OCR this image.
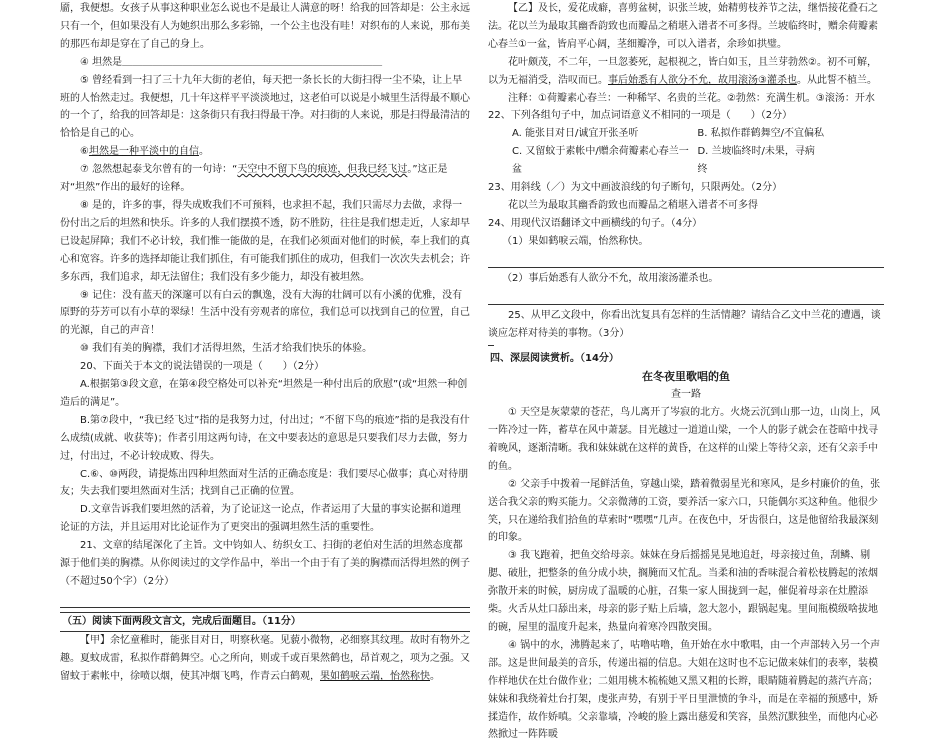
靥，我便想。女孩子从事这种职业怎么说也不是最让人满意的呀！给我的回答却是：公主永远只有一个，但如果没有人为她织出那么多彩锦，一个公主也没有哇！对织布的人来说，那布美的那匹布却是穿在了自己的身上。

④ 坦然是＿＿＿＿＿＿＿＿＿＿＿＿＿＿＿＿＿＿＿＿＿＿＿＿＿＿

⑤ 曾经看到一扫了三十九年大街的老伯，每天把一条长长的大街扫得一尘不染，让上早班的人怡然走过。我便想，几十年这样平平淡淡地过，这老伯可以说是小城里生活得最不顺心的一个了，给我的回答却是：这条街只有我扫得最干净。对扫街的人来说，那是扫得最清洁的恰恰是自己的心。

⑥坦然是一种平淡中的自信。

⑦ 忽然想起泰戈尔曾有的一句诗：“天空中不留下鸟的痕迹，但我已经飞过。”这正是对“坦然”作出的最好的诠释。

⑧ 是的，许多的事，得失成败我们不可预料，也求担不起，我们只需尽力去做，求得一份付出之后的坦然和快乐。许多的人我们摆摸不透，防不胜防，往往是我们想走近，人家却早已设起屏障；我们不必计较，我们惟一能做的是，在我们必须面对他们的时候，奉上我们的真心和宽容。许多的选择却能让我们抓住，有可能我们抓住的成功，但我们一次次失去机会；许多东西，我们追求，却无法留住；我们没有多少能力，却没有被坦然。

⑨ 记住：没有蓝天的深邃可以有白云的飘逸，没有大海的壮阔可以有小溪的优雅，没有原野的芬芳可以有小草的翠绿！生活中没有旁观者的席位，我们总可以找到自己的位置，自己的光源，自己的声音！

⑩ 我们有美的胸襟，我们才活得坦然，生活才给我们快乐的体验。

20、下面关于本文的说法错误的一项是（　　）（2分）

A.根据第③段文意，在第④段空格处可以补充“坦然是一种付出后的欣慰”(或“坦然一种创造后的满足”。

B.第⑦段中，“我已经飞过”指的是我努力过，付出过；“不留下鸟的痕迹”指的是我没有什么成绩(成就、收获等)；作者引用这两句诗，在文中要表达的意思是只要我们尽力去做，努力过，付出过，不必计较成败、得失。

C.⑥、⑩两段，请提炼出四种坦然面对生活的正确态度是：我们要尽心做事；真心对待朋友；失去我们要坦然面对生活；找到自己正确的位置。

D.文章告诉我们要坦然的活着，为了论证这一论点，作者运用了大量的事实论据和道理论证的方法，并且运用对比论证作为了更突出的强调坦然生活的重要性。

21、文章的结尾深化了主旨。文中钧如人、纺织女工、扫街的老伯对生活的坦然态度都源于他们美的胸襟。从你阅读过的文学作品中，举出一个由于有了美的胸襟而活得坦然的例子（不超过50个字）（2分）

（五）阅读下面两段文言文，完成后面题目。（11分）

【甲】余忆童稚时，能张目对日，明察秋毫。见藐小微物，必细察其纹理。故时有物外之趣。夏蚊成雷，私拟作群鹤舞空。心之所向，则或千或百果然鹤也，昂首观之，项为之强。又留蚊于素帐中，徐喷以烟，使其冲烟飞鸣，作青云白鹤观，果如鹤唳云端，怡然称快。

【乙】及长，爱花成癖，喜剪盆树，识张兰坡，始精剪枝养节之法，继悟接花叠石之法。花以兰为最取其幽香韵致也而瓣品之稍堪入谱者不可多得。兰坡临终时，赠余荷瓣素心春兰①一盆，皆肩平心阔，茎细瓣净，可以入谱者，余珍如拱璧。

花叶颇茂，不二年，一旦忽萎死，起根视之，皆白如玉，且兰芽勃然②。初不可解，以为无福消受，浩叹而已。事后始悉有人欲分不允，故用滚汤③灌杀也。从此誓不植兰。

注释：①荷瓣素心春兰：一种稀罕、名贵的兰花。②勃然：充满生机。③滚汤：开水

22、下列各组句子中，加点词语意义不相同的一项是（　　）（2分）

A. 能张目对日/诚宜开张圣听	B. 私拟作群鹤舞空/不宜偏私
C. 又留蚊于素帐中/赠余荷瓣素心春兰一盆
D. 兰坡临终时/未果，寻病终

23、用斜线（／）为文中画波浪线的句子断句，只限两处。（2分）

花以兰为最取其幽香韵致也而瓣品之稍堪入谱者不可多得

24、用现代汉语翻译文中画横线的句子。（4分）

（1）果如鹤唳云端，怡然称快。

（2）事后始悉有人欲分不允，故用滚汤灌杀也。

25、从甲乙文段中，你看出沈复具有怎样的生活情趣？请结合乙文中兰花的遭遇，谈谈应怎样对待美的事物。（3分）

四、深层阅读赏析。（14分）

在冬夜里歌唱的鱼

查一路

① 天空是灰蒙蒙的苍茫，鸟儿离开了岑寂的北方。火烧云沉到山那一边，山岗上，风一阵冷过一阵，蓄草在风中萧瑟。目光越过一道道山梁，一个人的影子就会在苍暗中找寻着晚风，逐渐清晰。我和妹妹就在这样的黄昏，在这样的山梁上等待父亲，还有父亲手中的鱼。

② 父亲手中拨着一尾鲜活鱼，穿越山梁，踏着微弱星光和寒风，是乡村廉价的鱼，张送合我父亲的购买能力。父亲微薄的工资，要养活一家六口，只能偶尔买这种鱼。他很少笑，只在递给我们拾鱼的草索时“嘿嘿”几声。在夜色中，牙齿很白，这是他留给我最深刻的印象。

③ 我飞跑着，把鱼交给母亲。妹妹在身后摇摇晃晃地追赶，母亲接过鱼，刮鳞、剔腮、破肚，把整条的鱼分成小块，搁腌而又忙乱。当柔和油的香味混合着松枝腾起的浓烟弥散开来的时候，厨房成了温暖的心脏，召集一家人围拢到一起，催促着母亲在灶膛添柴。火舌从灶口舔出来，母亲的影子贴上后墙，忽大忽小，跟锅起鬼。里间瓶模级啥拔地的碗，屋里的温度升起来，热量向着寒冷四散突围。

④ 锅中的水，沸腾起来了，咕噜咕噜，鱼开始在水中歌唱，由一个声部转入另一个声部。这是世间最美的音乐，传递出福的信息。大姐在这时也不忘记做来妹们的表率，装模作样地伏在灶台做作业；二姐用桃木梳梳她又黑又粗的长辫，眼睛随着腾起的蒸汽卉高；妹妹和我绕着灶台打架，虔张声势，有别于平日里泄愤的争斗，而是在幸福的预感中，矫揉造作，故作娇嗔。父亲靠墙，冷峻的脸上露出慈爱和笑容，虽然沉默独坐，而他内心必然掀过一阵阵暖
